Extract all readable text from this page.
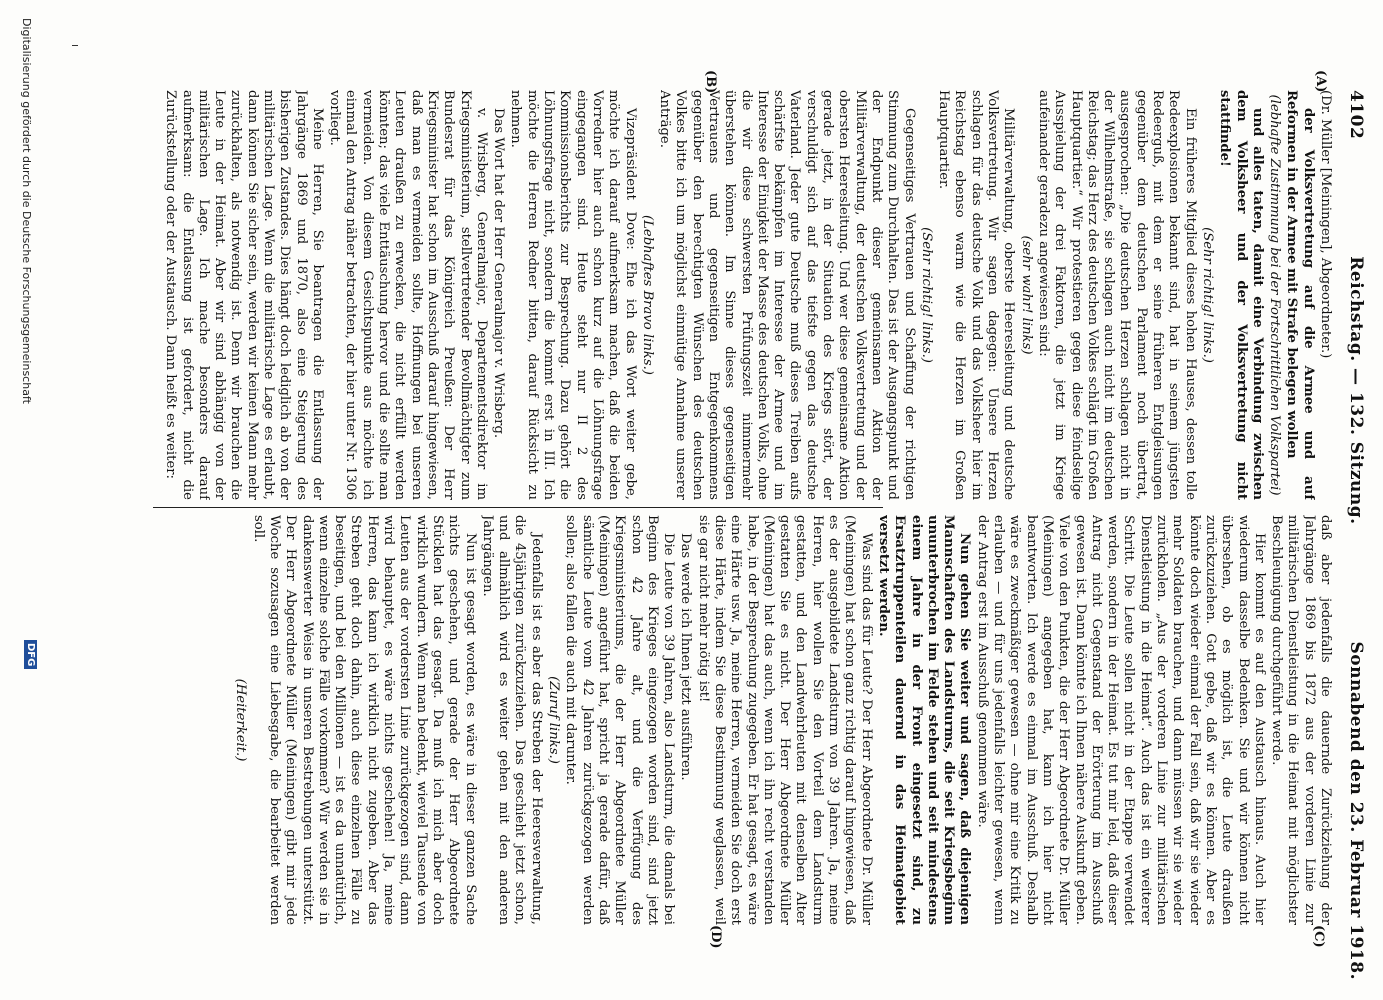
4102
Reichstag. — 132. Sitzung.
Sonnabend den 23. Februar 1918.
(A)
(B)
(C)
(D)

(Dr. Müller [Meiningen], Abgeordneter.)

der Volksvertretung auf die Armee und auf Reformen in der Armee mit Strafe belegen wollen

(lebhafte Zustimmung bei der Fortschrittlichen Volkspartei)

und alles taten, damit eine Verbindung zwischen dem Volksheer und der Volksvertretung nicht stattfinde!

(Sehr richtig! links.)

Ein früheres Mitglied dieses hohen Hauses, dessen tolle Redeexplosionen bekannt sind, hat in seinem jüngsten Redeerguß, mit dem er seine früheren Entgleisungen gegenüber dem deutschen Parlament noch übertrat, ausgesprochen: „Die deutschen Herzen schlagen nicht in der Wilhelmstraße, sie schlagen auch nicht im deutschen Reichstag; das Herz des deutschen Volkes schlägt im Großen Hauptquartier.“ Wir protestieren gegen diese feindselige Ausspielung der drei Faktoren, die jetzt im Kriege aufeinander geradezu angewiesen sind:

(sehr wahr! links)

Militärverwaltung, oberste Heeresleitung und deutsche Volksvertretung. Wir sagen dagegen: Unsere Herzen schlagen für das deutsche Volk und das Volksheer hier im Reichstag ebenso warm wie die Herzen im Großen Hauptquartier.

(Sehr richtig! links.)

Gegenseitiges Vertrauen und Schaffung der richtigen Stimmung zum Durchhalten. Das ist der Ausgangspunkt und der Endpunkt dieser gemeinsamen Aktion der Militärverwaltung, der deutschen Volksvertretung und der obersten Heeresleitung. Und wer diese gemeinsame Aktion gerade jetzt, in der Situation des Kriegs stört, der verschuldigt sich auf das tiefste gegen das deutsche Vaterland. Jeder gute Deutsche muß dieses Treiben aufs schärfste bekämpfen im Interesse der Armee und im Interesse der Einigkeit der Masse des deutschen Volks, ohne die wir diese schwersten Prüfungszeit nimmermehr überstehen können. Im Sinne dieses gegenseitigen Vertrauens und gegenseitigen Entgegenkommens gegenüber den berechtigten Wünschen des deutschen Volkes bitte ich um möglichst einmütige Annahme unserer Anträge.

(Lebhaftes Bravo links.)

Vizepräsident Dove: Ehe ich das Wort weiter gebe, möchte ich darauf aufmerksam machen, daß die beiden Vorredner hier auch schon kurz auf die Löhnungsfrage eingegangen sind. Heute steht nur II 2 des Kommissionsberichts zur Besprechung. Dazu gehört die Löhnungsfrage nicht, sondern die kommt erst in III. Ich möchte die Herren Redner bitten, darauf Rücksicht zu nehmen.

Das Wort hat der Herr Generalmajor v. Wrisberg.

v. Wrisberg, Generalmajor, Departementsdirektor im Kriegsministerium, stellvertretender Bevollmächtigter zum Bundesrat für das Königreich Preußen: Der Herr Kriegsminister hat schon im Ausschuß darauf hingewiesen, daß man es vermeiden sollte, Hoffnungen bei unseren Leuten draußen zu erwecken, die nicht erfüllt werden könnten; das viele Enttäuschung hervor und die sollte man vermeiden. Von diesem Gesichtspunkte aus möchte ich einmal den Antrag näher betrachten, der hier unter Nr. 1306 vorliegt.

Meine Herren, Sie beantragen die Entlassung der Jahrgänge 1869 und 1870, also eine Steigerung des bisherigen Zustandes. Dies hängt doch lediglich ab von der militärischen Lage. Wenn die militärische Lage es erlaubt, dann können Sie sicher sein, werden wir keinen Mann mehr zurückhalten, als notwendig ist. Denn wir brauchen die Leute in der Heimat. Aber wir sind abhängig von der militärischen Lage. Ich mache besonders darauf aufmerksam: die Entlassung ist gefordert, nicht die Zurückstellung oder der Austausch. Dann heißt es weiter:

daß aber jedenfalls die dauernde Zurückziehung der Jahrgänge 1869 bis 1872 aus der vorderen Linie zur militärischen Dienstleistung in die Heimat mit möglichster Beschleunigung durchgeführt werde.

Hier kommt es auf den Austausch hinaus. Auch hier wiederum dasselbe Bedenken. Sie und wir können nicht übersehen, ob es möglich ist, die Leute draußen zurückzuziehen. Gott gebe, daß wir es können. Aber es könnte doch wieder einmal der Fall sein, daß wir sie wieder mehr Soldaten brauchen, und dann müssen wir sie wieder zurückholen. „Aus der vorderen Linie zur militärischen Dienstleistung in die Heimat“. Auch das ist ein weiterer Schritt. Die Leute sollen nicht in der Etappe verwendet werden, sondern in der Heimat. Es tut mir leid, daß dieser Antrag nicht Gegenstand der Erörterung im Ausschuß gewesen ist. Dann könnte ich Ihnen nähere Auskunft geben. Viele von den Punkten, die der Herr Abgeordnete Dr. Müller (Meiningen) angegeben hat, kann ich hier nicht beantworten. Ich werde es einmal im Ausschuß. Deshalb wäre es zweckmäßiger gewesen — ohne mir eine Kritik zu erlauben — und für uns jedenfalls leichter gewesen, wenn der Antrag erst im Ausschuß genommen wäre.

Nun gehen Sie weiter und sagen, daß diejenigen Mannschaften des Landsturms, die seit Kriegsbeginn ununterbrochen im Felde stehen und seit mindestens einem Jahre in der Front eingesetzt sind, zu Ersatztruppenteilen dauernd in das Heimatgebiet versetzt werden.

Was sind das für Leute? Der Herr Abgeordnete Dr. Müller (Meiningen) hat schon ganz richtig darauf hingewiesen, daß es der ausgebildete Landsturm von 39 Jahren. Ja, meine Herren, hier wollen Sie den Vorteil dem Landsturm gestatten, und den Landwehrleuten mit denselben Alter gestatten Sie es nicht. Der Herr Abgeordnete Müller (Meiningen) hat das auch, wenn ich ihn recht verstanden habe, in der Besprechung zugegeben. Er hat gesagt, es wäre eine Härte usw. Ja, meine Herren, vermeiden Sie doch erst diese Härte, indem Sie diese Bestimmung weglassen, weil sie gar nicht mehr nötig ist!

Das werde ich Ihnen jetzt ausführen.

Die Leute von 39 Jahren, also Landsturm, die damals bei Beginn des Krieges eingezogen worden sind, sind jetzt schon 42 Jahre alt, und die Verfügung des Kriegsministeriums, die der Herr Abgeordnete Müller (Meiningen) angeführt hat, spricht ja gerade dafür, daß sämtliche Leute vom 42 Jahren zurückgezogen werden sollen; also fallen die auch mit darunter.

(Zuruf links.)

Jedenfalls ist es aber das Streben der Heeresverwaltung, die 45jährigen zurückzuziehen. Das geschieht jetzt schon, und allmählich wird es weiter gehen mit den anderen Jahrgängen.

Nun ist gesagt worden, es wäre in dieser ganzen Sache nichts geschehen, und gerade der Herr Abgeordnete Stücklen hat das gesagt. Da muß ich mich aber doch wirklich wundern. Wenn man bedenkt, wieviel Tausende von Leuten aus der vordersten Linie zurückgezogen sind, dann wird behauptet, es wäre nichts geschehen! Ja, meine Herren, das kann ich wirklich nicht zugeben. Aber das Streben geht doch dahin, auch diese einzelnen Fälle zu beseitigen, und bei den Millionen — ist es da unnatürlich, wenn einzelne solche Fälle vorkommen? Wir werden sie in dankenswerter Weise in unseren Bestrebungen unterstützt. Der Herr Abgeordnete Müller (Meiningen) gibt mir jede Woche sozusagen eine Liebesgabe, die bearbeitet werden soll.

(Heiterkeit.)

Digitalisierung gefördert durch die Deutsche Forschungsgemeinschaft
DFG
